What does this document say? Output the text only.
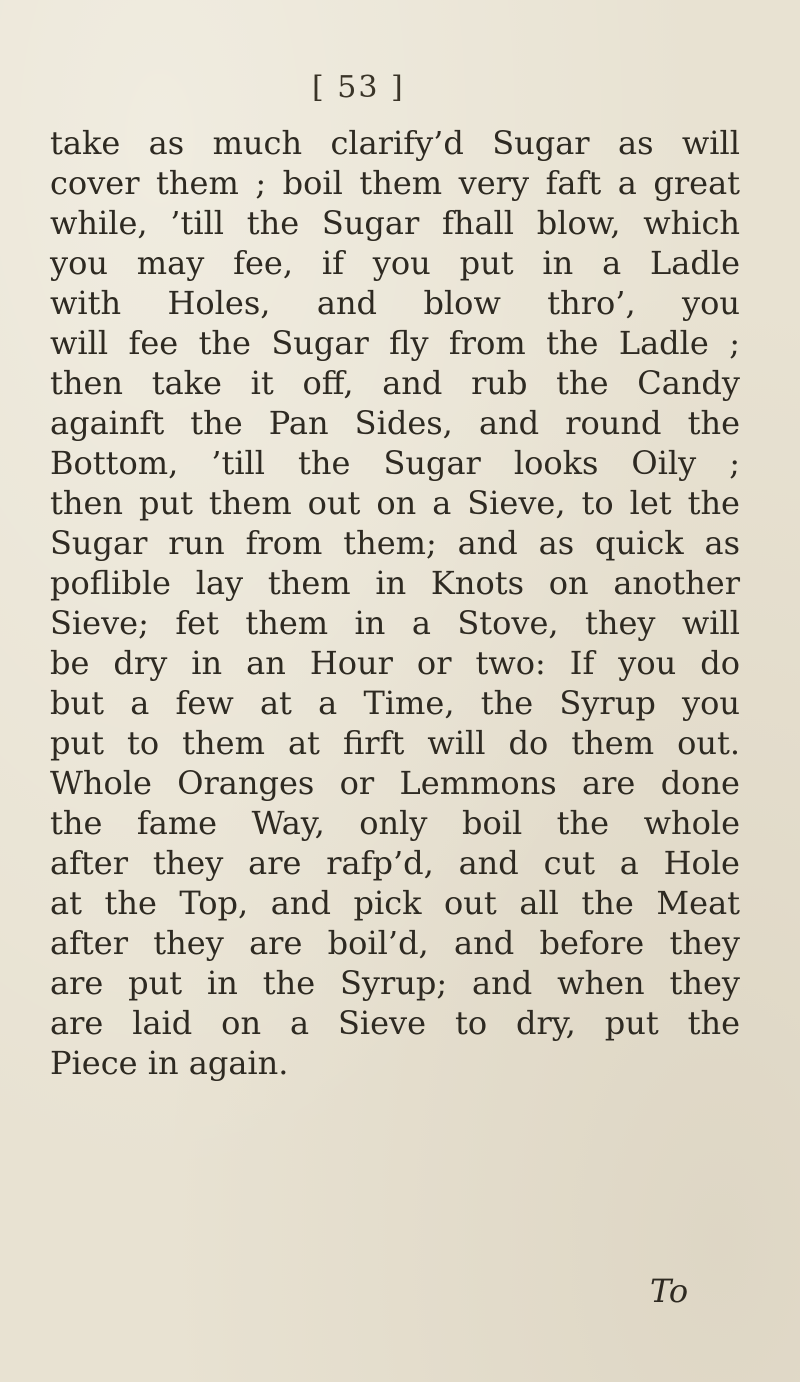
[ 53 ]
take as much clarify’d Sugar as will
cover them ; boil them very faft a great
while, ’till the Sugar fhall blow, which
you may fee, if you put in a Ladle
with Holes, and blow thro’, you
will fee the Sugar fly from the Ladle ;
then take it off, and rub the Candy
againft the Pan Sides, and round the
Bottom, ’till the Sugar looks Oily ;
then put them out on a Sieve, to let the
Sugar run from them; and as quick as
poflible lay them in Knots on another
Sieve; fet them in a Stove, they will
be dry in an Hour or two: If you do
but a few at a Time, the Syrup you
put to them at firft will do them out.
Whole Oranges or Lemmons are done
the fame Way, only boil the whole
after they are rafp’d, and cut a Hole
at the Top, and pick out all the Meat
after they are boil’d, and before they
are put in the Syrup; and when they
are laid on a Sieve to dry, put the
Piece in again.
To
